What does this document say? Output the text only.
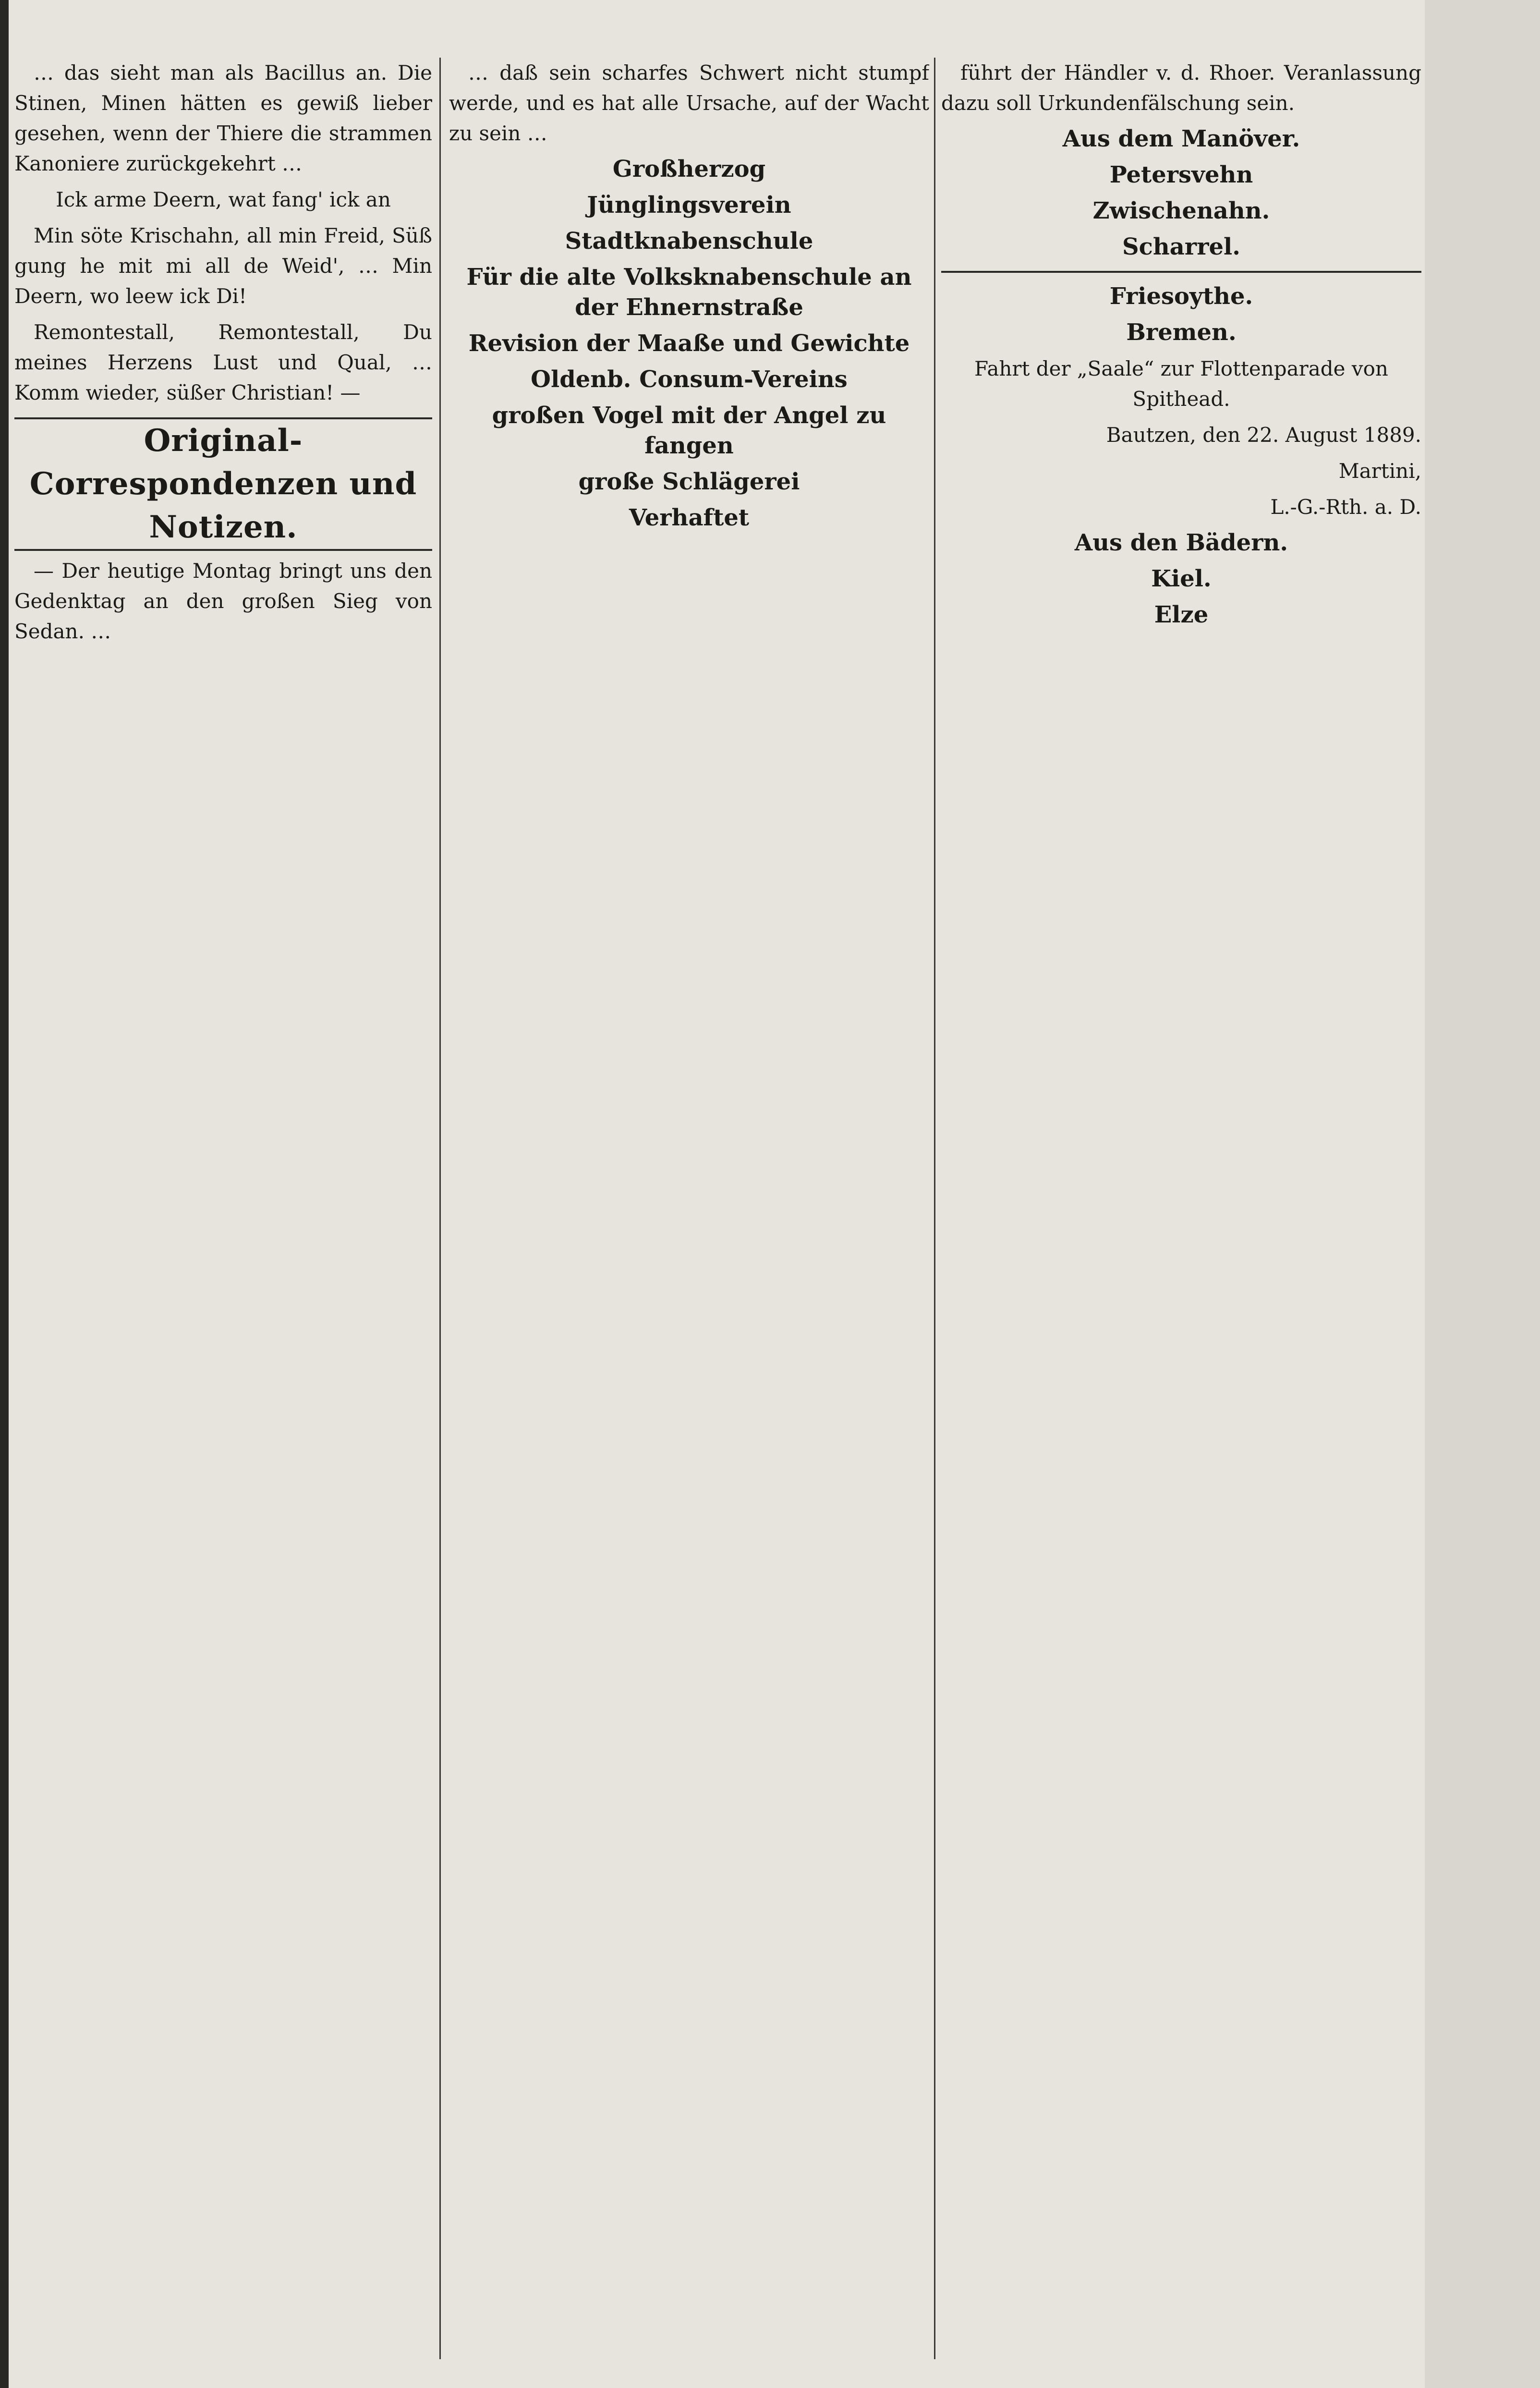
… das sieht man als Bacillus an. Die Stinen, Minen hätten es gewiß lieber gesehen, wenn der Thiere die strammen Kanoniere zurückgekehrt …

Ick arme Deern, wat fang' ick an

Min söte Krischahn, all min Freid, Süß gung he mit mi all de Weid', … Min Deern, wo leew ick Di!

Remontestall, Remontestall, Du meines Herzens Lust und Qual, … Komm wieder, süßer Christian! —

Original-Correspondenzen und Notizen.

— Der heutige Montag bringt uns den Gedenktag an den großen Sieg von Sedan. …

… daß sein scharfes Schwert nicht stumpf werde, und es hat alle Ursache, auf der Wacht zu sein …

Großherzog

Jünglingsverein

Stadtknabenschule

Für die alte Volksknabenschule an der Ehnernstraße

Revision der Maaße und Gewichte

Oldenb. Consum-Vereins

großen Vogel mit der Angel zu fangen

große Schlägerei

Verhaftet

führt der Händler v. d. Rhoer. Veranlassung dazu soll Urkundenfälschung sein.

Aus dem Manöver.

Petersvehn

Zwischenahn.

Scharrel.

Friesoythe.

Bremen.

Fahrt der „Saale“ zur Flottenparade von Spithead.

Bautzen, den 22. August 1889.

Martini,

L.-G.-Rth. a. D.

Aus den Bädern.

Kiel.

Elze
